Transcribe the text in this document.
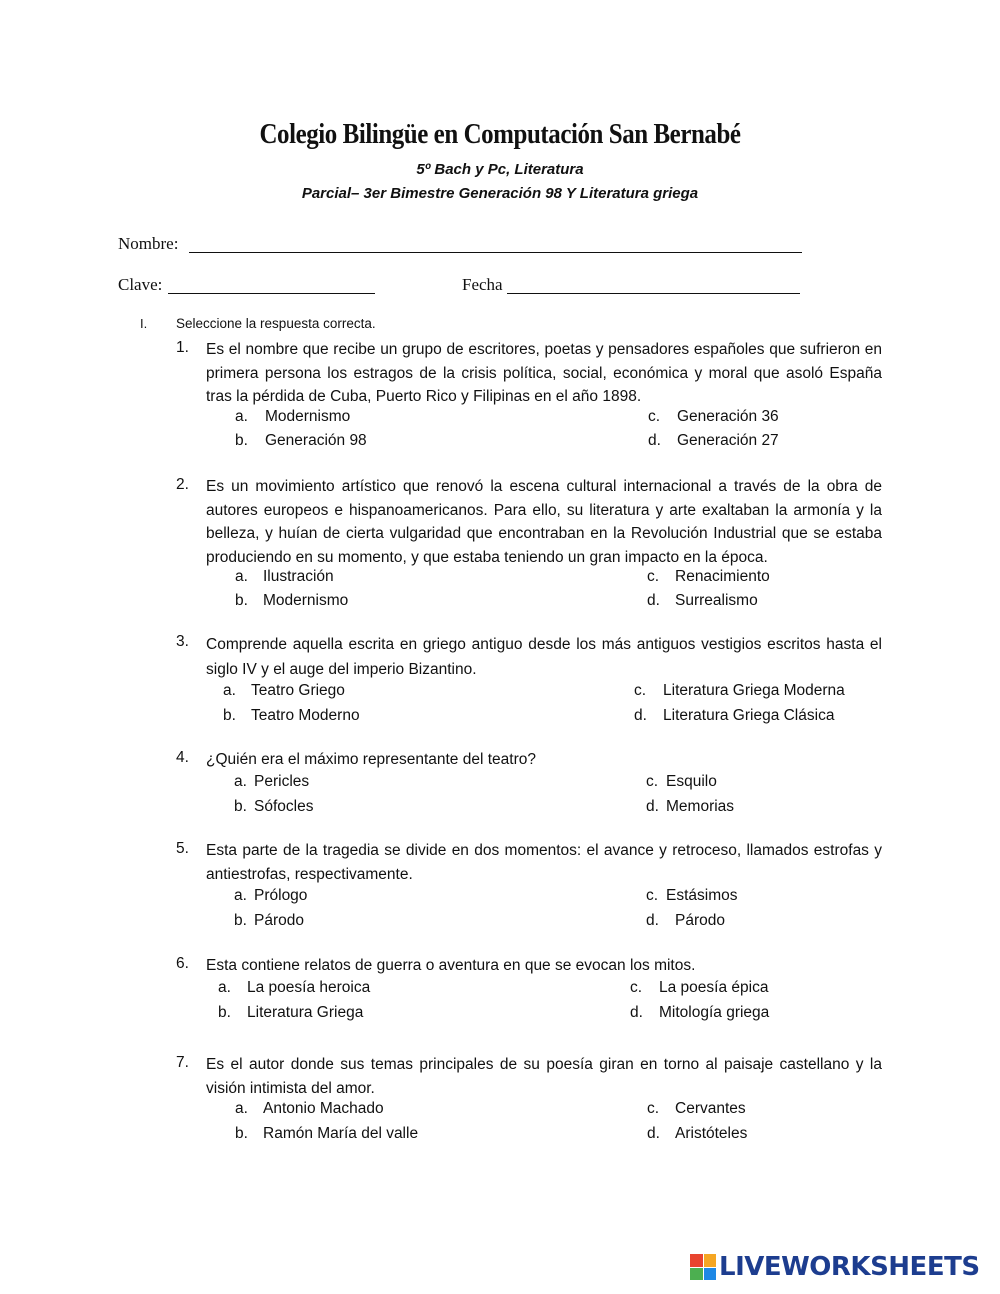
Colegio Bilingüe en Computación San Bernabé
5º Bach y Pc, Literatura
Parcial– 3er Bimestre Generación 98 Y Literatura griega
Nombre:
Clave:	Fecha
I. Seleccione la respuesta correcta.
1. Es el nombre que recibe un grupo de escritores, poetas y pensadores españoles que sufrieron en primera persona los estragos de la crisis política, social, económica y moral que asoló España tras la pérdida de Cuba, Puerto Rico y Filipinas en el año 1898.
a. Modernismo
b. Generación 98
c. Generación 36
d. Generación 27
2. Es un movimiento artístico que renovó la escena cultural internacional a través de la obra de autores europeos e hispanoamericanos. Para ello, su literatura y arte exaltaban la armonía y la belleza, y huían de cierta vulgaridad que encontraban en la Revolución Industrial que se estaba produciendo en su momento, y que estaba teniendo un gran impacto en la época.
a. Ilustración
b. Modernismo
c. Renacimiento
d. Surrealismo
3. Comprende aquella escrita en griego antiguo desde los más antiguos vestigios escritos hasta el siglo IV y el auge del imperio Bizantino.
a. Teatro Griego
b. Teatro Moderno
c. Literatura Griega Moderna
d. Literatura Griega Clásica
4. ¿Quién era el máximo representante del teatro?
a. Pericles
b. Sófocles
c. Esquilo
d. Memorias
5. Esta parte de la tragedia se divide en dos momentos: el avance y retroceso, llamados estrofas y antiestrofas, respectivamente.
a. Prólogo
b. Párodo
c. Estásimos
d. Párodo
6. Esta contiene relatos de guerra o aventura en que se evocan los mitos.
a. La poesía heroica
b. Literatura Griega
c. La poesía épica
d. Mitología griega
7. Es el autor donde sus temas principales de su poesía giran en torno al paisaje castellano y la visión intimista del amor.
a. Antonio Machado
b. Ramón María del valle
c. Cervantes
d. Aristóteles
LIVEWORKSHEETS
